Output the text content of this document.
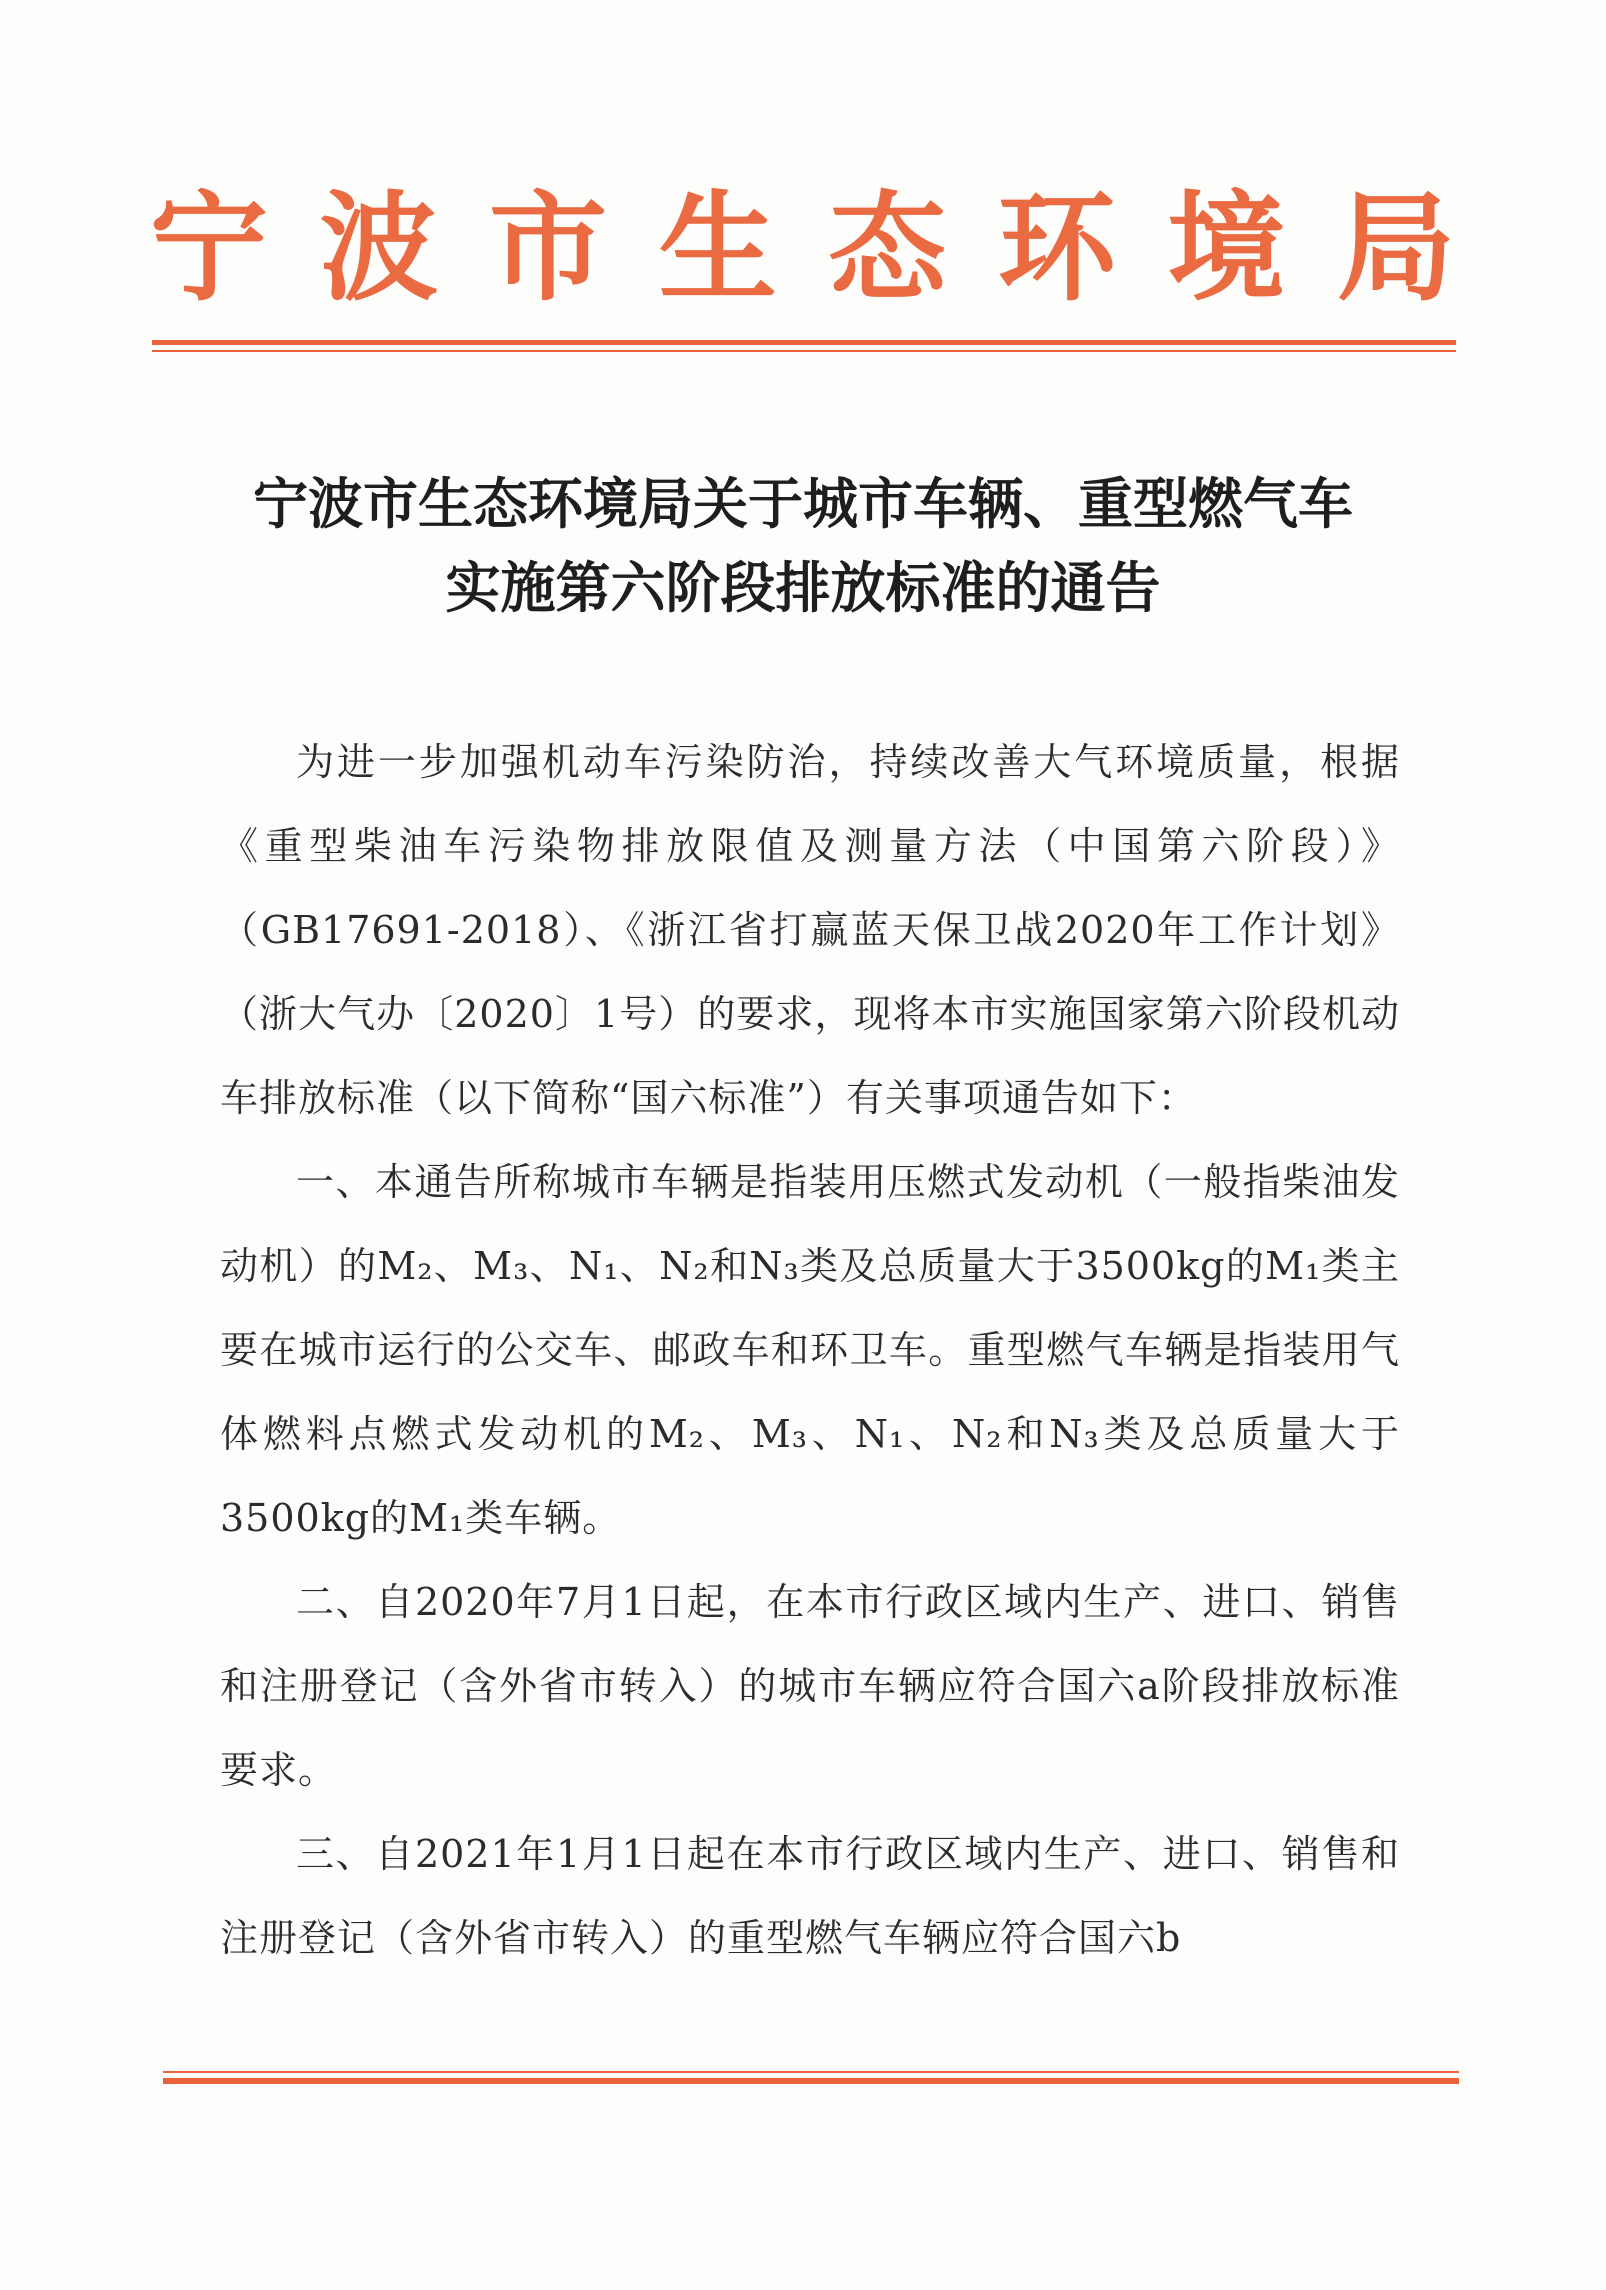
宁 波 市 生 态 环 境 局
宁波市生态环境局关于城市车辆、重型燃气车
实施第六阶段排放标准的通告

为进一步加强机动车污染防治，持续改善大气环境质量，根据《重型柴油车污染物排放限值及测量方法（中国第六阶段）》（GB17691-2018）、《浙江省打赢蓝天保卫战2020年工作计划》（浙大气办〔2020〕1号）的要求，现将本市实施国家第六阶段机动车排放标准（以下简称“国六标准”）有关事项通告如下：

一、本通告所称城市车辆是指装用压燃式发动机（一般指柴油发动机）的M₂、M₃、N₁、N₂和N₃类及总质量大于3500kg的M₁类主要在城市运行的公交车、邮政车和环卫车。重型燃气车辆是指装用气体燃料点燃式发动机的M₂、M₃、N₁、N₂和N₃类及总质量大于3500kg的M₁类车辆。

二、自2020年7月1日起，在本市行政区域内生产、进口、销售和注册登记（含外省市转入）的城市车辆应符合国六a阶段排放标准要求。

三、自2021年1月1日起在本市行政区域内生产、进口、销售和注册登记（含外省市转入）的重型燃气车辆应符合国六b
